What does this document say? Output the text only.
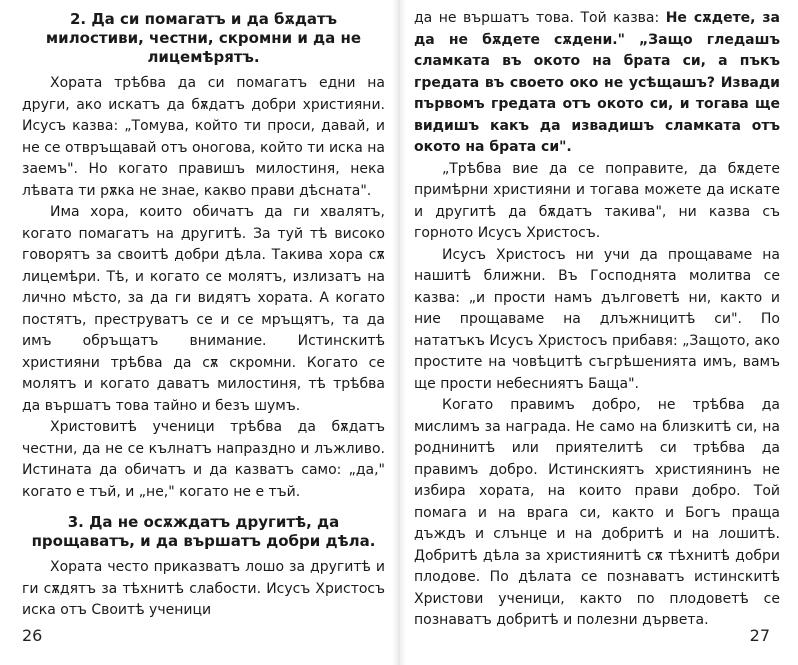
2. Да си помагатъ и да бѫдатъ милостиви, честни, скромни и да не лицемѣрятъ.

Хората трѣбва да си помагатъ едни на други, ако искатъ да бѫдатъ добри християни. Исусъ казва: „Томува, който ти проси, давай, и не се отвръщавай отъ оногова, който ти иска на заемъ". Но когато правишъ милостиня, нека лѣвата ти рѫка не знае, какво прави дѣсната".

Има хора, които обичатъ да ги хвалятъ, когато помагатъ на другитѣ. За туй тѣ високо говорятъ за своитѣ добри дѣла. Такива хора сѫ лицемѣри. Тѣ, и когато се молятъ, излизатъ на лично мѣсто, за да ги видятъ хората. А когато постятъ, преструватъ се и се мръщятъ, та да имъ обръщатъ внимание. Истинскитѣ християни трѣбва да сѫ скромни. Когато се молятъ и когато даватъ милостиня, тѣ трѣбва да вършатъ това тайно и безъ шумъ.

Христовитѣ ученици трѣбва да бѫдатъ честни, да не се кълнатъ напраздно и лъжливо. Истината да обичатъ и да казватъ само: „да," когато е тъй, и „не," когато не е тъй.

3. Да не осѫждатъ другитѣ, да прощаватъ, и да вършатъ добри дѣла.

Хората често приказватъ лошо за другитѣ и ги сѫдятъ за тѣхнитѣ слабости. Исусъ Христосъ иска отъ Своитѣ ученици

26

да не вършатъ това. Той казва: Не сѫдете, за да не бѫдете сѫдени." „Защо гледашъ сламката въ окото на брата си, а пъкъ гредата въ своето око не усѣщашъ? Извади първомъ гредата отъ окото си, и тогава ще видишъ какъ да извадишъ сламката отъ окото на брата си".

„Трѣбва вие да се поправите, да бѫдете примѣрни християни и тогава можете да искате и другитѣ да бѫдатъ такива", ни казва съ горното Исусъ Христосъ.

Исусъ Христосъ ни учи да прощаваме на нашитѣ ближни. Въ Господнята молитва се казва: „и прости намъ дълговетѣ ни, както и ние прощаваме на длъжницитѣ си". По нататъкъ Исусъ Христосъ прибавя: „Защото, ако простите на човѣцитѣ съгрѣшенията имъ, вамъ ще прости небесниятъ Баща".

Когато правимъ добро, не трѣбва да мислимъ за награда. Не само на близкитѣ си, на роднинитѣ или приятелитѣ си трѣбва да правимъ добро. Истинскиятъ християнинъ не избира хората, на които прави добро. Той помага и на врага си, както и Богъ праща дъждъ и слънце и на добритѣ и на лошитѣ. Добритѣ дѣла за християнитѣ сѫ тѣхнитѣ добри плодове. По дѣлата се познаватъ истинскитѣ Христови ученици, както по плодоветѣ се познаватъ добритѣ и полезни дървета.

27
